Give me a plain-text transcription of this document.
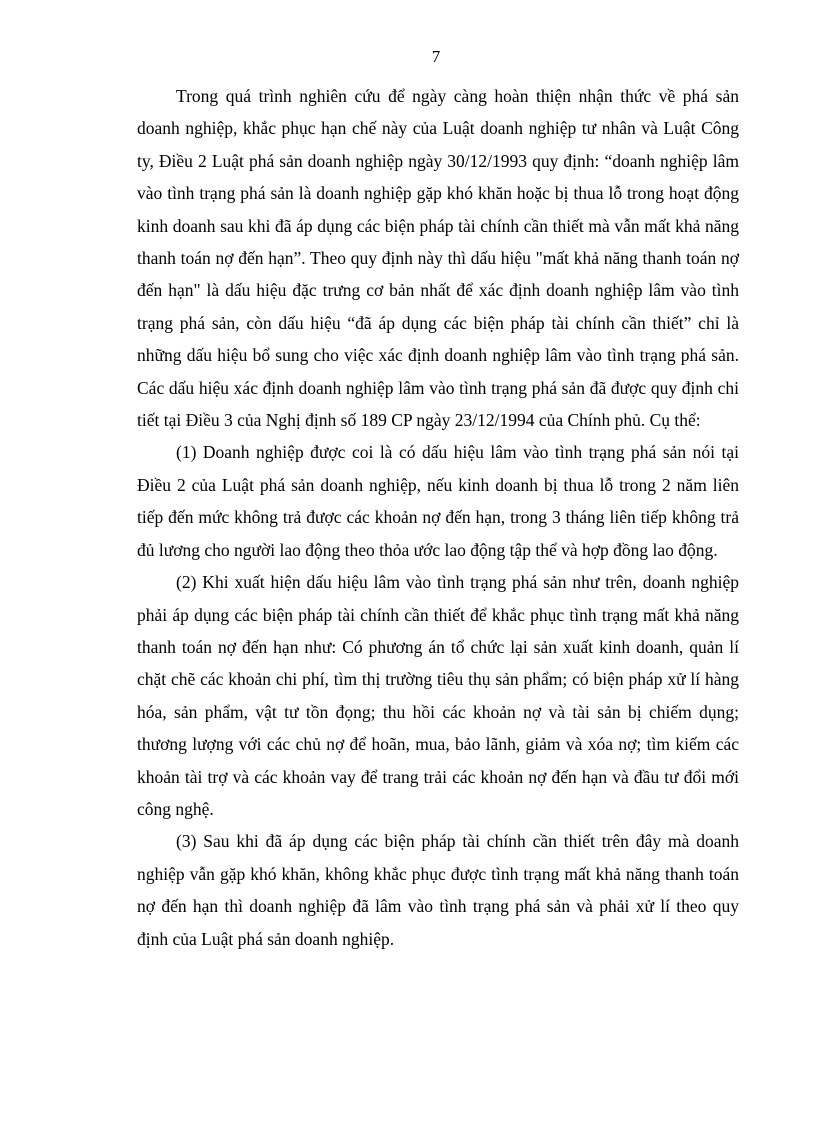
7

Trong quá trình nghiên cứu để ngày càng hoàn thiện nhận thức về phá sản doanh nghiệp, khắc phục hạn chế này của Luật doanh nghiệp tư nhân và Luật Công ty, Điều 2 Luật phá sản doanh nghiệp ngày 30/12/1993 quy định: “doanh nghiệp lâm vào tình trạng phá sản là doanh nghiệp gặp khó khăn hoặc bị thua lỗ trong hoạt động kinh doanh sau khi đã áp dụng các biện pháp tài chính cần thiết mà vẫn mất khả năng thanh toán nợ đến hạn”. Theo quy định này thì dấu hiệu "mất khả năng thanh toán nợ đến hạn" là dấu hiệu đặc trưng cơ bản nhất để xác định doanh nghiệp lâm vào tình trạng phá sản, còn dấu hiệu “đã áp dụng các biện pháp tài chính cần thiết” chỉ là những dấu hiệu bổ sung cho việc xác định doanh nghiệp lâm vào tình trạng phá sản. Các dấu hiệu xác định doanh nghiệp lâm vào tình trạng phá sản đã được quy định chi tiết tại Điều 3 của Nghị định số 189 CP ngày 23/12/1994 của Chính phủ. Cụ thể:

(1) Doanh nghiệp được coi là có dấu hiệu lâm vào tình trạng phá sản nói tại Điều 2 của Luật phá sản doanh nghiệp, nếu kinh doanh bị thua lỗ trong 2 năm liên tiếp đến mức không trả được các khoản nợ đến hạn, trong 3 tháng liên tiếp không trả đủ lương cho người lao động theo thỏa ước lao động tập thể và hợp đồng lao động.

(2) Khi xuất hiện dấu hiệu lâm vào tình trạng phá sản như trên, doanh nghiệp phải áp dụng các biện pháp tài chính cần thiết để khắc phục tình trạng mất khả năng thanh toán nợ đến hạn như: Có phương án tổ chức lại sản xuất kinh doanh, quản lí chặt chẽ các khoản chi phí, tìm thị trường tiêu thụ sản phẩm; có biện pháp xử lí hàng hóa, sản phẩm, vật tư tồn đọng; thu hồi các khoản nợ và tài sản bị chiếm dụng; thương lượng với các chủ nợ để hoãn, mua, bảo lãnh, giảm và xóa nợ; tìm kiếm các khoản tài trợ và các khoản vay để trang trải các khoản nợ đến hạn và đầu tư đổi mới công nghệ.

(3) Sau khi đã áp dụng các biện pháp tài chính cần thiết trên đây mà doanh nghiệp vẫn gặp khó khăn, không khắc phục được tình trạng mất khả năng thanh toán nợ đến hạn thì doanh nghiệp đã lâm vào tình trạng phá sản và phải xử lí theo quy định của Luật phá sản doanh nghiệp.
